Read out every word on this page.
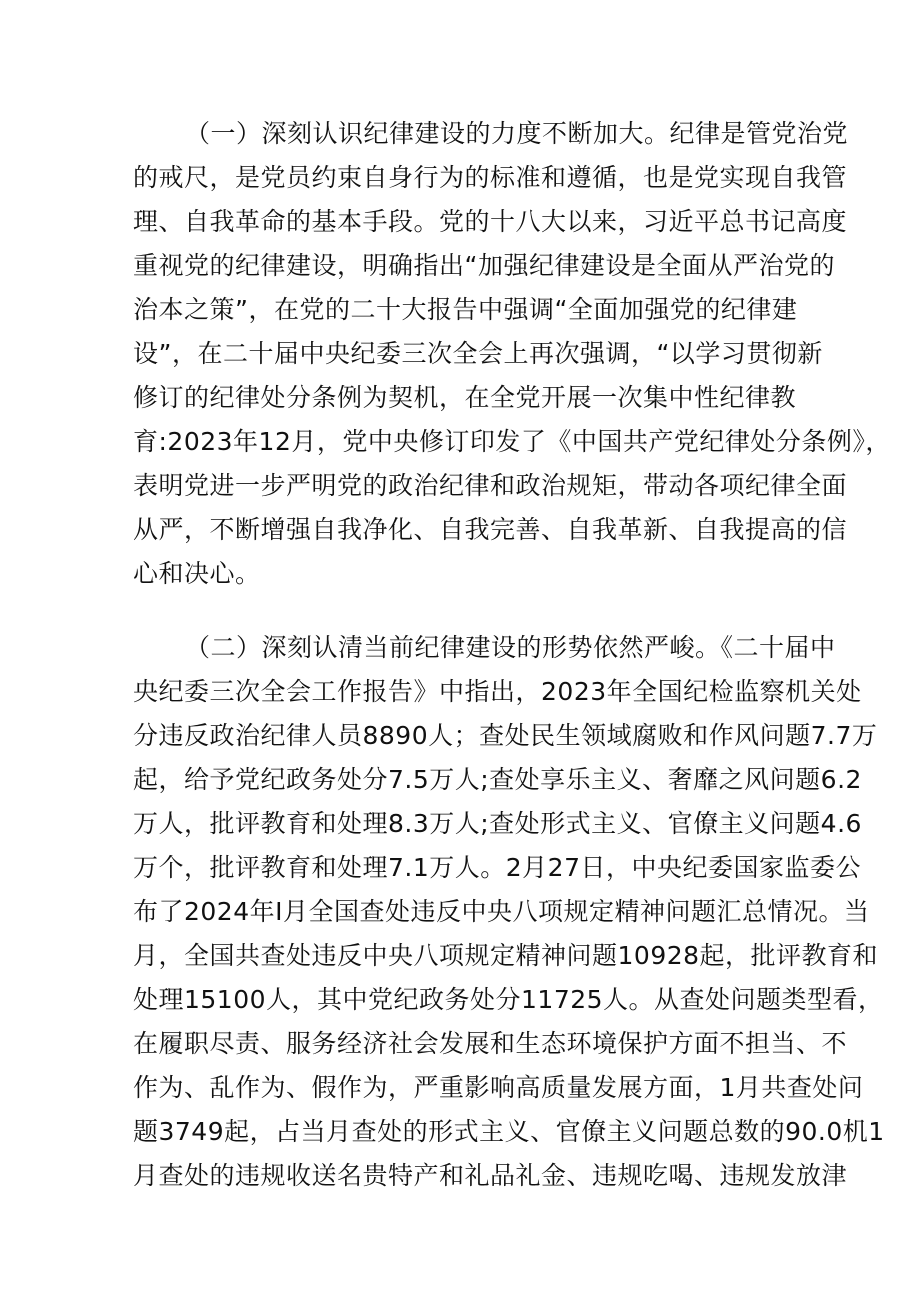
（一）深刻认识纪律建设的力度不断加大。纪律是管党治党
的戒尺，是党员约束自身行为的标准和遵循，也是党实现自我管
理、自我革命的基本手段。党的十八大以来，习近平总书记高度
重视党的纪律建设，明确指出“加强纪律建设是全面从严治党的
治本之策”，在党的二十大报告中强调“全面加强党的纪律建
设”，在二十届中央纪委三次全会上再次强调，“以学习贯彻新
修订的纪律处分条例为契机，在全党开展一次集中性纪律教
育:2023年12月，党中央修订印发了《中国共产党纪律处分条例》，
表明党进一步严明党的政治纪律和政治规矩，带动各项纪律全面
从严，不断增强自我净化、自我完善、自我革新、自我提高的信
心和决心。
（二）深刻认清当前纪律建设的形势依然严峻。《二十届中
央纪委三次全会工作报告》中指出，2023年全国纪检监察机关处
分违反政治纪律人员8890人；查处民生领域腐败和作风问题7.7万
起，给予党纪政务处分7.5万人;查处享乐主义、奢靡之风问题6.2
万人，批评教育和处理8.3万人;查处形式主义、官僚主义问题4.6
万个，批评教育和处理7.1万人。2月27日，中央纪委国家监委公
布了2024年I月全国查处违反中央八项规定精神问题汇总情况。当
月，全国共查处违反中央八项规定精神问题10928起，批评教育和
处理15100人，其中党纪政务处分11725人。从查处问题类型看，
在履职尽责、服务经济社会发展和生态环境保护方面不担当、不
作为、乱作为、假作为，严重影响高质量发展方面，1月共查处问
题3749起，占当月查处的形式主义、官僚主义问题总数的90.0机1
月查处的违规收送名贵特产和礼品礼金、违规吃喝、违规发放津
